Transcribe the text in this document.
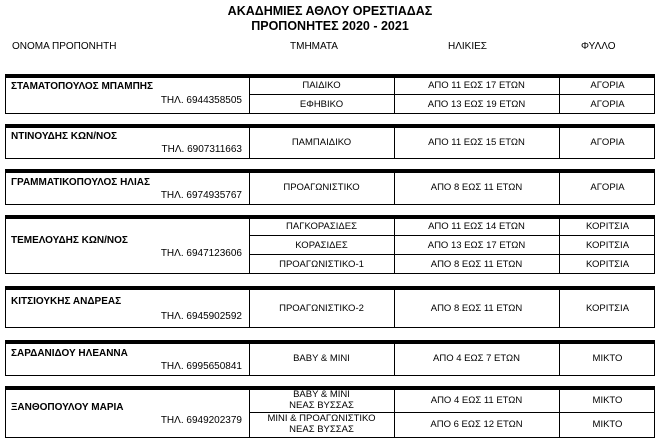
ΑΚΑΔΗΜΙΕΣ ΑΘΛΟΥ ΟΡΕΣΤΙΑΔΑΣ
ΠΡΟΠΟΝΗΤΕΣ 2020 - 2021
ΟΝΟΜΑ ΠΡΟΠΟΝΗΤΗ	ΤΜΗΜΑΤΑ	ΗΛΙΚΙΕΣ	ΦΥΛΛΟ
ΣΤΑΜΑΤΟΠΟΥΛΟΣ ΜΠΑΜΠΗΣ
ΤΗΛ. 6944358505
ΠΑΙΔΙΚΟ	ΑΠΟ 11 ΕΩΣ 17 ΕΤΩΝ	ΑΓΟΡΙΑ
ΕΦΗΒΙΚΟ	ΑΠΟ 13 ΕΩΣ 19 ΕΤΩΝ	ΑΓΟΡΙΑ
ΝΤΙΝΟΥΔΗΣ ΚΩΝ/ΝΟΣ
ΤΗΛ. 6907311663
ΠΑΜΠΑΙΔΙΚΟ	ΑΠΟ 11 ΕΩΣ 15 ΕΤΩΝ	ΑΓΟΡΙΑ
ΓΡΑΜΜΑΤΙΚΟΠΟΥΛΟΣ ΗΛΙΑΣ
ΤΗΛ. 6974935767
ΠΡΟΑΓΩΝΙΣΤΙΚΟ	ΑΠΟ 8 ΕΩΣ 11 ΕΤΩΝ	ΑΓΟΡΙΑ
ΤΕΜΕΛΟΥΔΗΣ ΚΩΝ/ΝΟΣ
ΤΗΛ. 6947123606
ΠΑΓΚΟΡΑΣΙΔΕΣ	ΑΠΟ 11 ΕΩΣ 14 ΕΤΩΝ	ΚΟΡΙΤΣΙΑ
ΚΟΡΑΣΙΔΕΣ	ΑΠΟ 13 ΕΩΣ 17 ΕΤΩΝ	ΚΟΡΙΤΣΙΑ
ΠΡΟΑΓΩΝΙΣΤΙΚΟ-1	ΑΠΟ 8 ΕΩΣ 11 ΕΤΩΝ	ΚΟΡΙΤΣΙΑ
ΚΙΤΣΙΟΥΚΗΣ ΑΝΔΡΕΑΣ
ΤΗΛ. 6945902592
ΠΡΟΑΓΩΝΙΣΤΙΚΟ-2	ΑΠΟ 8 ΕΩΣ 11 ΕΤΩΝ	ΚΟΡΙΤΣΙΑ
ΣΑΡΔΑΝΙΔΟΥ ΗΛΕΑΝΝΑ
ΤΗΛ. 6995650841
BABY & MINI	ΑΠΟ 4 ΕΩΣ 7 ΕΤΩΝ	ΜΙΚΤΟ
ΞΑΝΘΟΠΟΥΛΟΥ ΜΑΡΙΑ
ΤΗΛ. 6949202379
BABY & MINI
ΝΕΑΣ ΒΥΣΣΑΣ	ΑΠΟ 4 ΕΩΣ 11 ΕΤΩΝ	ΜΙΚΤΟ
MINI & ΠΡΟΑΓΩΝΙΣΤΙΚΟ
ΝΕΑΣ ΒΥΣΣΑΣ	ΑΠΟ 6 ΕΩΣ 12 ΕΤΩΝ	ΜΙΚΤΟ
